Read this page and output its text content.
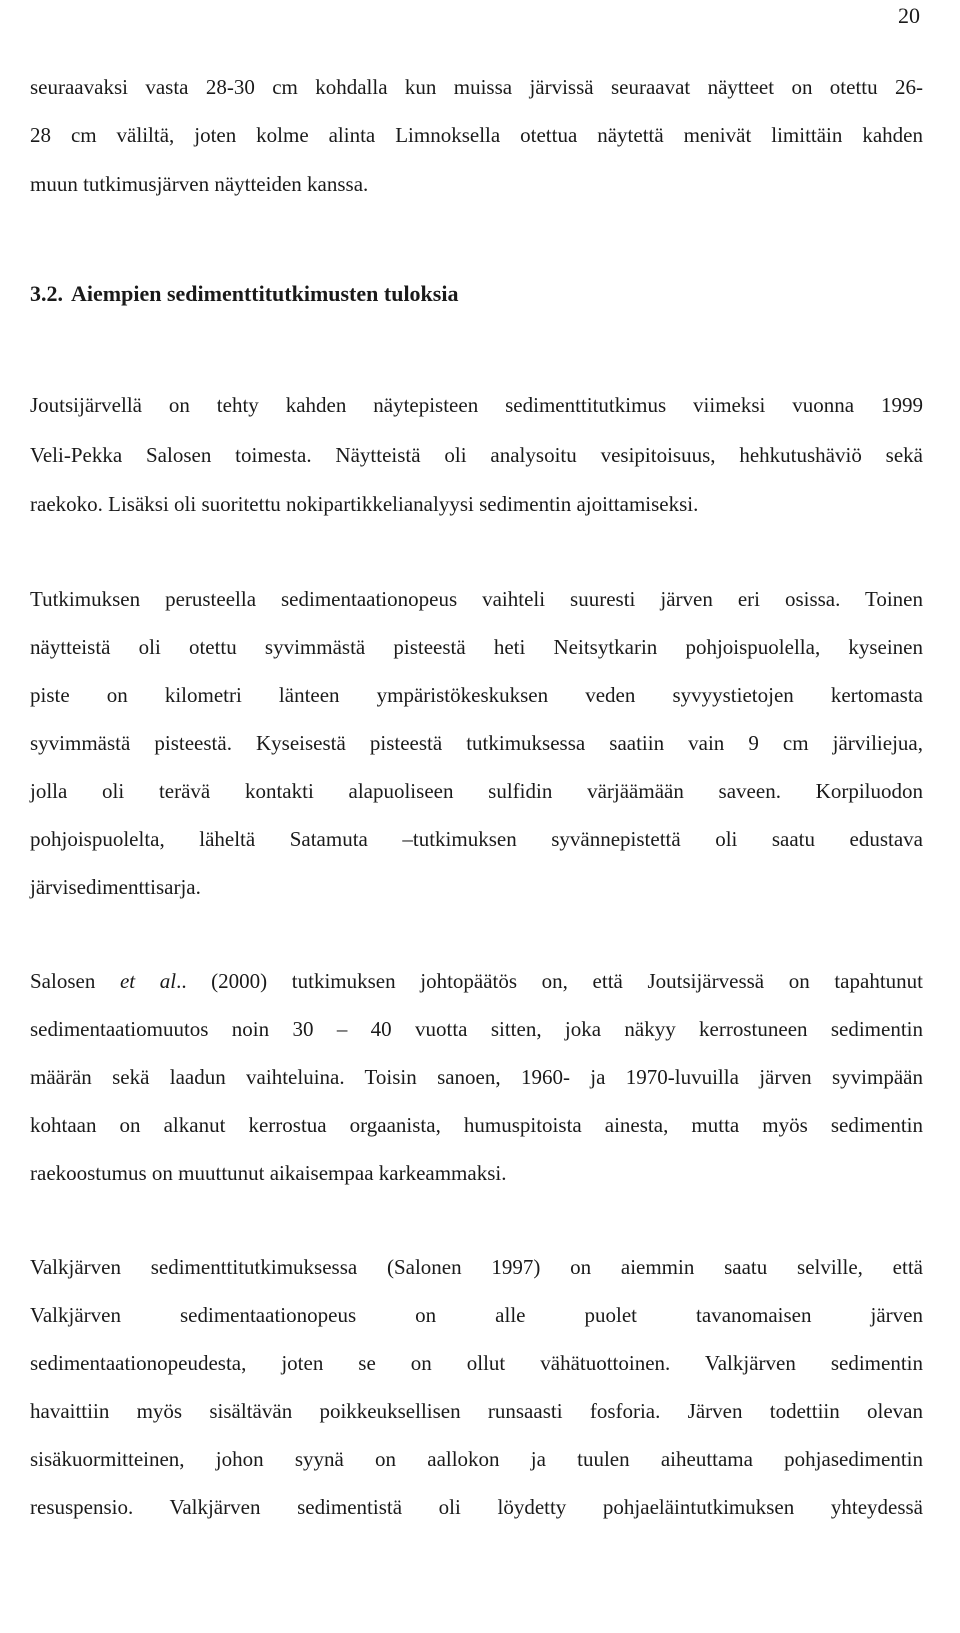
20
seuraavaksi vasta 28-30 cm kohdalla kun muissa järvissä seuraavat näytteet on otettu 26-
28 cm väliltä, joten kolme alinta Limnoksella otettua näytettä menivät limittäin kahden
muun tutkimusjärven näytteiden kanssa.
3.2. Aiempien sedimenttitutkimusten tuloksia
Joutsijärvellä on tehty kahden näytepisteen sedimenttitutkimus viimeksi vuonna 1999
Veli-Pekka Salosen toimesta. Näytteistä oli analysoitu vesipitoisuus, hehkutushäviö sekä
raekoko. Lisäksi oli suoritettu nokipartikkelianalyysi sedimentin ajoittamiseksi.
Tutkimuksen perusteella sedimentaationopeus vaihteli suuresti järven eri osissa. Toinen
näytteistä oli otettu syvimmästä pisteestä heti Neitsytkarin pohjoispuolella, kyseinen
piste on kilometri länteen ympäristökeskuksen veden syvyystietojen kertomasta
syvimmästä pisteestä. Kyseisestä pisteestä tutkimuksessa saatiin vain 9 cm järviliejua,
jolla oli terävä kontakti alapuoliseen sulfidin värjäämään saveen. Korpiluodon
pohjoispuolelta, läheltä Satamuta –tutkimuksen syvännepistettä oli saatu edustava
järvisedimenttisarja.
Salosen et al.. (2000) tutkimuksen johtopäätös on, että Joutsijärvessä on tapahtunut
sedimentaatiomuutos noin 30 – 40 vuotta sitten, joka näkyy kerrostuneen sedimentin
määrän sekä laadun vaihteluina. Toisin sanoen, 1960- ja 1970-luvuilla järven syvimpään
kohtaan on alkanut kerrostua orgaanista, humuspitoista ainesta, mutta myös sedimentin
raekoostumus on muuttunut aikaisempaa karkeammaksi.
Valkjärven sedimenttitutkimuksessa (Salonen 1997) on aiemmin saatu selville, että
Valkjärven sedimentaationopeus on alle puolet tavanomaisen järven
sedimentaationopeudesta, joten se on ollut vähätuottoinen. Valkjärven sedimentin
havaittiin myös sisältävän poikkeuksellisen runsaasti fosforia. Järven todettiin olevan
sisäkuormitteinen, johon syynä on aallokon ja tuulen aiheuttama pohjasedimentin
resuspensio. Valkjärven sedimentistä oli löydetty pohjaeläintutkimuksen yhteydessä
